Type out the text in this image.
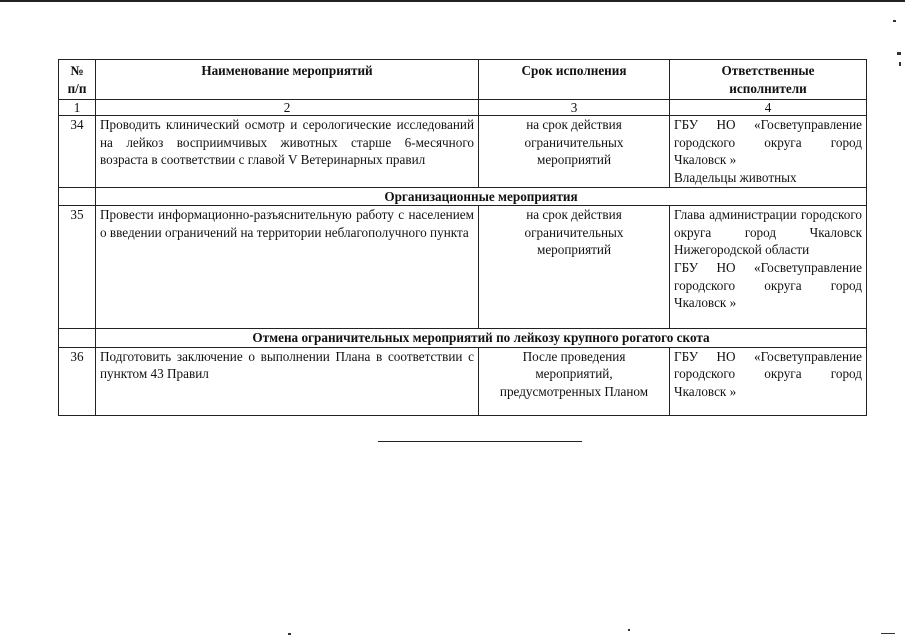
№
п/п	Наименование мероприятий	Срок исполнения	Ответственные
исполнители

1	2	3	4
34	Проводить клинический осмотр и серологические исследований на лейкоз восприимчивых животных старше 6-месячного возраста в соответствии с главой V Ветеринарных правил	на срок действия
ограничительных
мероприятий	ГБУ НО «Госветуправление городского округа город Чкаловск »
Владельцы животных

	Организационные мероприятия		
35	Провести информационно-разъяснительную работу с населением о введении ограничений на территории неблагополучного пункта	на срок действия
ограничительных
мероприятий	Глава администрации городского округа город Чкаловск Нижегородской области
ГБУ НО «Госветуправление городского округа город Чкаловск »

	Отмена ограничительных мероприятий по лейкозу крупного рогатого скота		
36	Подготовить заключение о выполнении Плана в соответствии с пунктом 43 Правил	После проведения
мероприятий,
предусмотренных Планом	ГБУ НО «Госветуправление городского округа город Чкаловск »
